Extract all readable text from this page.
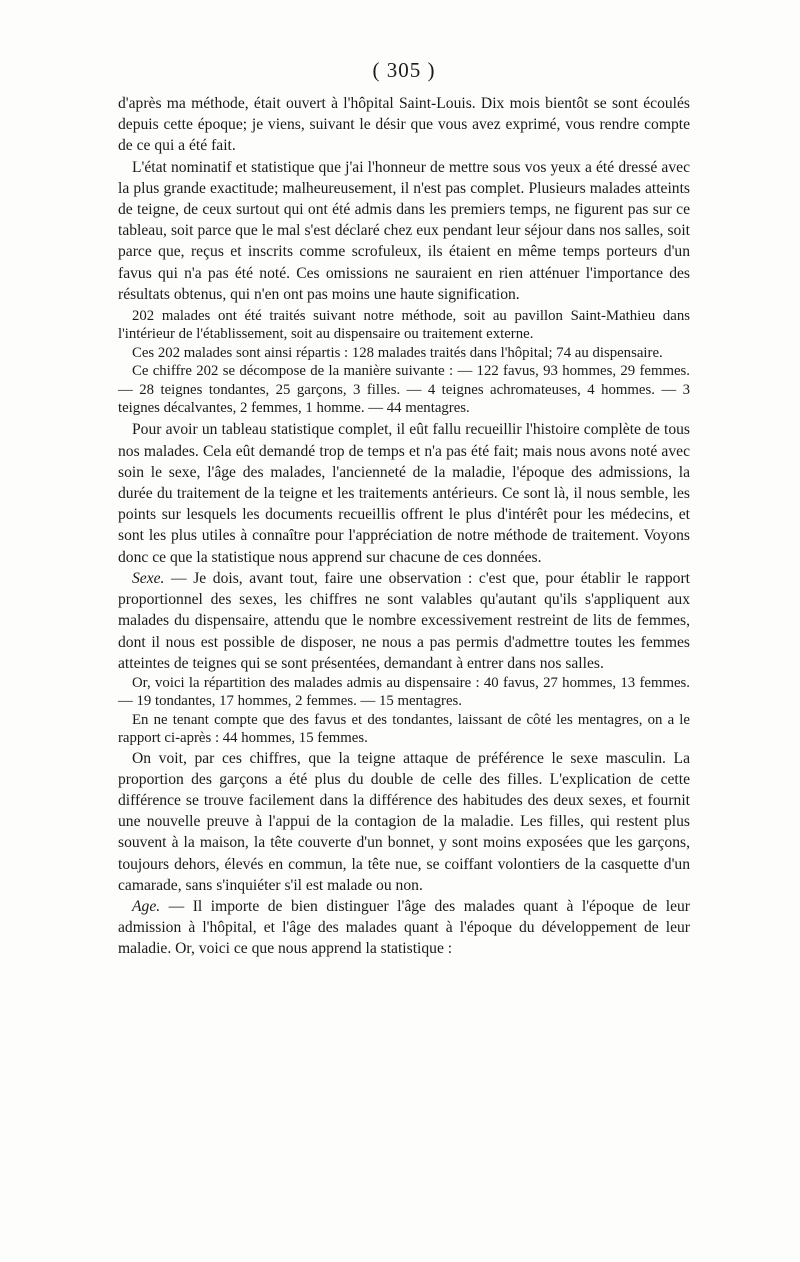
( 305 )

d'après ma méthode, était ouvert à l'hôpital Saint-Louis. Dix mois bientôt se sont écoulés depuis cette époque; je viens, suivant le désir que vous avez exprimé, vous rendre compte de ce qui a été fait.

L'état nominatif et statistique que j'ai l'honneur de mettre sous vos yeux a été dressé avec la plus grande exactitude; malheureusement, il n'est pas complet. Plusieurs malades atteints de teigne, de ceux surtout qui ont été admis dans les premiers temps, ne figurent pas sur ce tableau, soit parce que le mal s'est déclaré chez eux pendant leur séjour dans nos salles, soit parce que, reçus et inscrits comme scrofuleux, ils étaient en même temps porteurs d'un favus qui n'a pas été noté. Ces omissions ne sauraient en rien atténuer l'importance des résultats obtenus, qui n'en ont pas moins une haute signification.

202 malades ont été traités suivant notre méthode, soit au pavillon Saint-Mathieu dans l'intérieur de l'établissement, soit au dispensaire ou traitement externe.

Ces 202 malades sont ainsi répartis : 128 malades traités dans l'hôpital; 74 au dispensaire.

Ce chiffre 202 se décompose de la manière suivante : — 122 favus, 93 hommes, 29 femmes. — 28 teignes tondantes, 25 garçons, 3 filles. — 4 teignes achromateuses, 4 hommes. — 3 teignes décalvantes, 2 femmes, 1 homme. — 44 mentagres.

Pour avoir un tableau statistique complet, il eût fallu recueillir l'histoire complète de tous nos malades. Cela eût demandé trop de temps et n'a pas été fait; mais nous avons noté avec soin le sexe, l'âge des malades, l'ancienneté de la maladie, l'époque des admissions, la durée du traitement de la teigne et les traitements antérieurs. Ce sont là, il nous semble, les points sur lesquels les documents recueillis offrent le plus d'intérêt pour les médecins, et sont les plus utiles à connaître pour l'appréciation de notre méthode de traitement. Voyons donc ce que la statistique nous apprend sur chacune de ces données.

Sexe. — Je dois, avant tout, faire une observation : c'est que, pour établir le rapport proportionnel des sexes, les chiffres ne sont valables qu'autant qu'ils s'appliquent aux malades du dispensaire, attendu que le nombre excessivement restreint de lits de femmes, dont il nous est possible de disposer, ne nous a pas permis d'admettre toutes les femmes atteintes de teignes qui se sont présentées, demandant à entrer dans nos salles.

Or, voici la répartition des malades admis au dispensaire : 40 favus, 27 hommes, 13 femmes. — 19 tondantes, 17 hommes, 2 femmes. — 15 mentagres.

En ne tenant compte que des favus et des tondantes, laissant de côté les mentagres, on a le rapport ci-après : 44 hommes, 15 femmes.

On voit, par ces chiffres, que la teigne attaque de préférence le sexe masculin. La proportion des garçons a été plus du double de celle des filles. L'explication de cette différence se trouve facilement dans la différence des habitudes des deux sexes, et fournit une nouvelle preuve à l'appui de la contagion de la maladie. Les filles, qui restent plus souvent à la maison, la tête couverte d'un bonnet, y sont moins exposées que les garçons, toujours dehors, élevés en commun, la tête nue, se coiffant volontiers de la casquette d'un camarade, sans s'inquiéter s'il est malade ou non.

Age. — Il importe de bien distinguer l'âge des malades quant à l'époque de leur admission à l'hôpital, et l'âge des malades quant à l'époque du développement de leur maladie. Or, voici ce que nous apprend la statistique :
